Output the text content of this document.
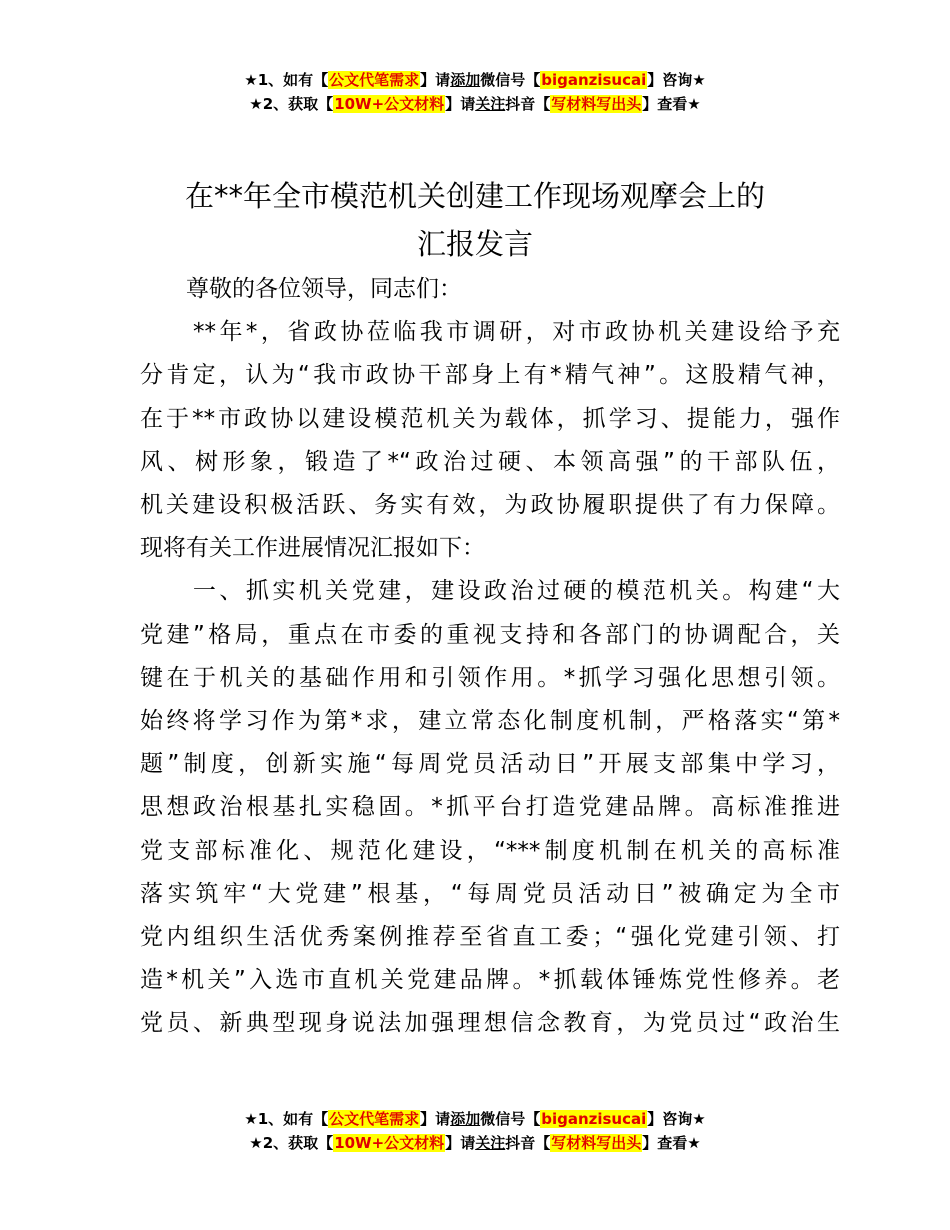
★1、如有【公文代笔需求】请添加微信号【biganzisucai】咨询★
★2、获取【10W+公文材料】请关注抖音【写材料写出头】查看★
在**年全市模范机关创建工作现场观摩会上的
汇报发言
　　尊敬的各位领导，同志们：
　　**年*，省政协莅临我市调研，对市政协机关建设给予充
分肯定，认为“我市政协干部身上有*精气神”。这股精气神，
在于**市政协以建设模范机关为载体，抓学习、提能力，强作
风、树形象，锻造了*“政治过硬、本领高强”的干部队伍，
机关建设积极活跃、务实有效，为政协履职提供了有力保障。
现将有关工作进展情况汇报如下：
　　一、抓实机关党建，建设政治过硬的模范机关。构建“大
党建”格局，重点在市委的重视支持和各部门的协调配合，关
键在于机关的基础作用和引领作用。*抓学习强化思想引领。
始终将学习作为第*求，建立常态化制度机制，严格落实“第*
题”制度，创新实施“每周党员活动日”开展支部集中学习，
思想政治根基扎实稳固。*抓平台打造党建品牌。高标准推进
党支部标准化、规范化建设，“***制度机制在机关的高标准
落实筑牢“大党建”根基，“每周党员活动日”被确定为全市
党内组织生活优秀案例推荐至省直工委；“强化党建引领、打
造*机关”入选市直机关党建品牌。*抓载体锤炼党性修养。老
党员、新典型现身说法加强理想信念教育，为党员过“政治生
★1、如有【公文代笔需求】请添加微信号【biganzisucai】咨询★
★2、获取【10W+公文材料】请关注抖音【写材料写出头】查看★
